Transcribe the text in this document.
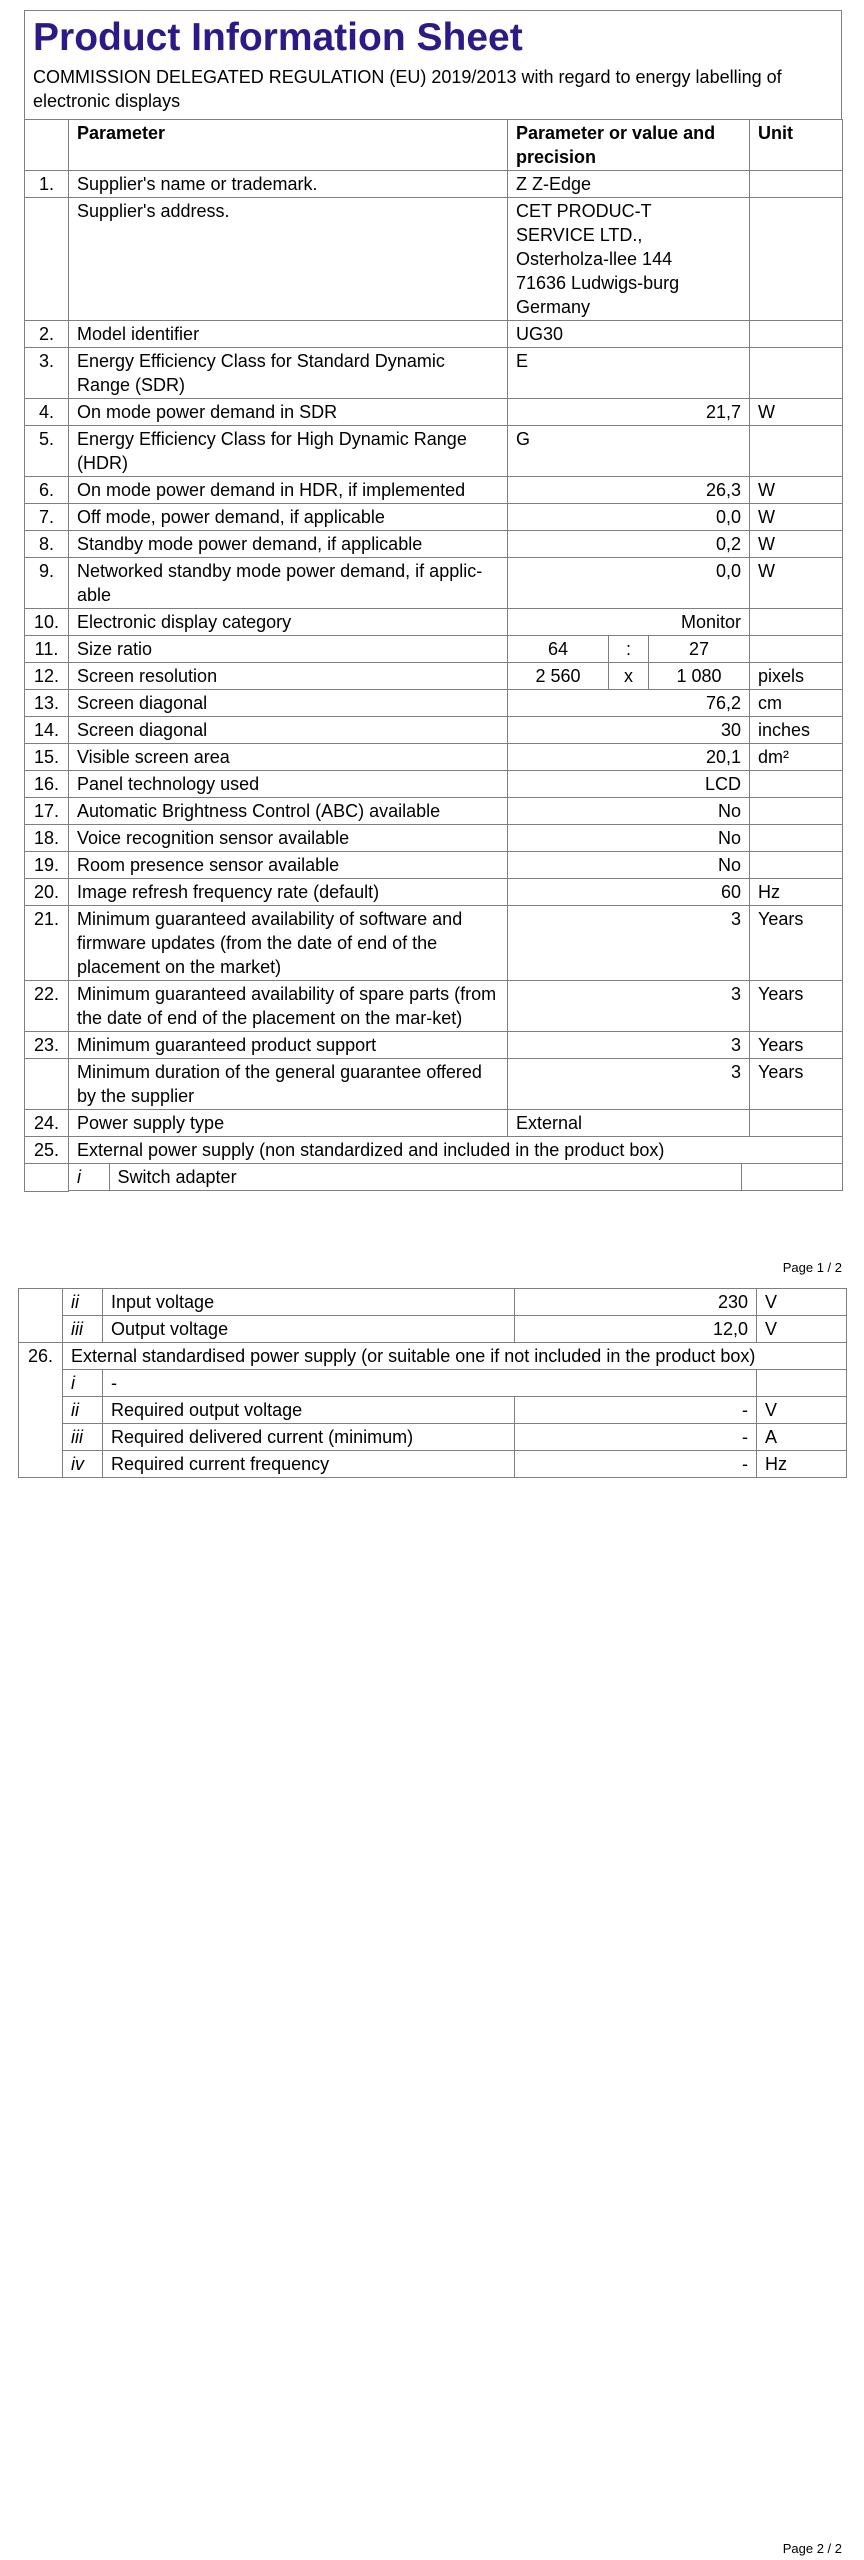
Product Information Sheet
COMMISSION DELEGATED REGULATION (EU) 2019/2013 with regard to energy labelling of electronic displays
	Parameter	Parameter or value and precision	Unit
1.	Supplier's name or trademark.	Z Z-Edge	
	Supplier's address.	CET PRODUC-T SERVICE LTD., Osterholza-llee 144 71636 Ludwigs-burg Germany	
2.	Model identifier	UG30	
3.	Energy Efficiency Class for Standard Dynamic Range (SDR)	E	
4.	On mode power demand in SDR	21,7	W
5.	Energy Efficiency Class for High Dynamic Range (HDR)	G	
6.	On mode power demand in HDR, if implemented	26,3	W
7.	Off mode, power demand, if applicable	0,0	W
8.	Standby mode power demand, if applicable	0,2	W
9.	Networked standby mode power demand, if applic-able	0,0	W
10.	Electronic display category	Monitor	
11.	Size ratio	64	:	27	
12.	Screen resolution	2 560	x	1 080	pixels
13.	Screen diagonal	76,2	cm
14.	Screen diagonal	30	inches
15.	Visible screen area	20,1	dm²
16.	Panel technology used	LCD	
17.	Automatic Brightness Control (ABC) available	No	
18.	Voice recognition sensor available	No	
19.	Room presence sensor available	No	
20.	Image refresh frequency rate (default)	60	Hz
21.	Minimum guaranteed availability of software and firmware updates (from the date of end of the placement on the market)	3	Years
22.	Minimum guaranteed availability of spare parts (from the date of end of the placement on the mar-ket)	3	Years
23.	Minimum guaranteed product support	3	Years
	Minimum duration of the general guarantee offered by the supplier	3	Years
24.	Power supply type	External	
25.	External power supply (non standardized and included in the product box)

i	Switch adapter	
Page 1 / 2
	ii	Input voltage	230	V
	iii	Output voltage	12,0	V
26.	External standardised power supply (or suitable one if not included in the product box)			
	i	-		
	ii	Required output voltage	-	V
	iii	Required delivered current (minimum)	-	A
	iv	Required current frequency	-	Hz
Page 2 / 2
